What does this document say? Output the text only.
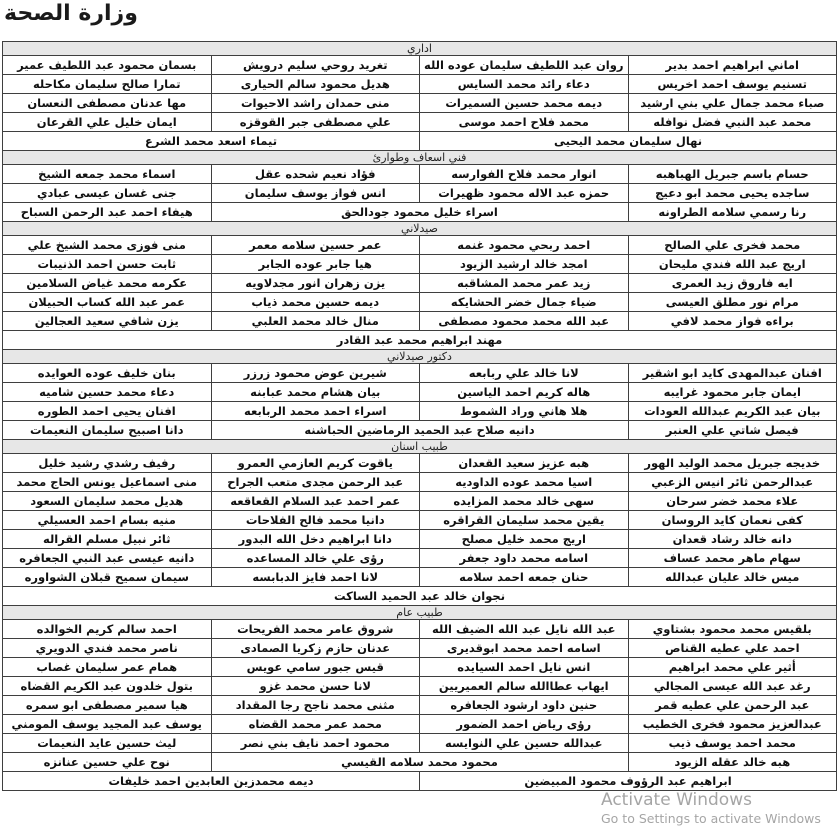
وزارة الصحة
اداري			
اماني ابراهيم احمد بدير	روان عبد اللطيف سليمان عوده الله	تغريد روحي سليم درويش	بسمان محمود عبد اللطيف عمير
تسنيم يوسف احمد اخريس	دعاء رائد محمد السايس	هديل محمود سالم الحيارى	تمارا صالح سليمان مكاحله
صباء محمد جمال علي بني ارشيد	ديمه محمد حسين السميرات	منى حمدان راشد الاحيوات	مها عدنان مصطفى النعسان
محمد عبد النبي فضل نوافله	محمد فلاح احمد موسى	علي مصطفى جبر القوقزه	ايمان خليل علي القرعان
نهال سليمان محمد اليحيى		تيماء اسعد محمد الشرع	
فني اسعاف وطوارئ			
حسام باسم جبريل الهباهبه	انوار محمد فلاح الفوارسه	فؤاد نعيم شحده عقل	اسماء محمد جمعه الشيخ
ساجده يحيى محمد ابو دعيج	حمزه عبد الاله محمود ظهيرات	انس فواز يوسف سليمان	جنى غسان عيسى عبادي
رنا رسمي سلامه الطراونه	اسراء خليل محمود جودالحق		هيفاء احمد عبد الرحمن السباح
صيدلاني			
محمد فخرى علي الصالح	احمد ربحي محمود غنمه	عمر حسين سلامه معمر	منى فوزى محمد الشيخ علي
اريج عبد الله فندي مليحان	امجد خالد ارشيد الزيود	هيا جابر عوده الجابر	ثابت حسن احمد الذنيبات
ايه فاروق زيد العمرى	زيد عمر محمد المشاقبه	يزن زهران انور مجدلاويه	عكرمه محمد غياض السلامين
مرام نور مطلق العيسى	ضياء جمال خضر الحشايكه	ديمه حسين محمد ذياب	عمر عبد الله كساب الحبيلان
براءه فواز محمد لافي	عبد الله محمد محمود مصطفى	منال خالد محمد العلبي	يزن شافي سعيد العجالين
مهند ابراهيم محمد عبد القادر			
دكتور صيدلاني			
افنان عبدالمهدى كايد ابو اشقير	لانا خالد علي ربابعه	شيرين عوض محمود زرزر	بنان خليف عوده العوايده
ايمان جابر محمود غرايبه	هاله كريم احمد الياسين	بيان هشام محمد عبابنه	دعاء محمد حسين شاميه
بيان عبد الكريم عبدالله العودات	هلا هاني وراد الشموط	اسراء احمد محمد الربابعه	افنان يحيى احمد الطوره
فيصل شاتي علي العنبر	دانيه صلاح عبد الحميد الرماضين الحباشنه		دانا اصبيح سليمان النعيمات
طبيب اسنان			
خديجه جبريل محمد الوليد الهور	هبه عزيز سعيد القعدان	ياقوت كريم العازمي العمرو	رفيف رشدي رشيد خليل
عبدالرحمن ثائر انيس الزعبي	اسيا محمد عوده الداوديه	عبد الرحمن مجدى متعب الجراح	منى اسماعيل يونس الحاج محمد
علاء محمد خضر سرحان	سهى خالد محمد المزايده	عمر احمد عبد السلام القعاقعه	هديل محمد سليمان السعود
كفى نعمان كايد الروسان	يقين محمد سليمان القراقره	دانيا محمد فالح الفلاحات	منيه بسام احمد العسيلي
دانه خالد رشاد قعدان	اريج محمد خليل مصلح	دانا ابراهيم دخل الله البدور	ثائر نبيل مسلم القراله
سهام ماهر محمد عساف	اسامه محمد داود جعفر	رؤى علي خالد المساعده	دانيه عيسى عبد النبي الجعافره
ميس خالد عليان عبدالله	حنان جمعه احمد سلامه	لانا احمد فايز الدبابسه	سيمان سميح قبلان الشواوره
نجوان خالد عبد الحميد الساكت			
طبيب عام			
بلقيس محمد محمود بشتاوي	عبد الله نايل عبد الله الضيف الله	شروق عامر محمد الفريحات	احمد سالم كريم الخوالده
احمد علي عطيه القناص	اسامه احمد محمد ابوقديرى	عدنان حازم زكريا الصمادى	ناصر محمد فندي الدويري
أثير علي محمد ابراهيم	انس نايل احمد السيايده	قيس جبور سامي عويس	همام عمر سليمان غصاب
رغد عبد الله عيسى المجالي	ايهاب عطاالله سالم العميريين	لانا حسن محمد غزو	بتول خلدون عبد الكريم القضاه
عبد الرحمن علي عطيه قمر	حنين داود ارشود الجعافره	مثنى محمد ناجح رجا المقداد	هيا سمير مصطفى ابو سمره
عبدالعزيز محمود فخرى الخطيب	رؤى رياض احمد الضمور	محمد عمر محمد القضاه	يوسف عبد المجيد يوسف المومني
محمد احمد يوسف ذيب	عبدالله حسين علي النوايسه	محمود احمد نايف بني نصر	ليث حسين عايد النعيمات
هبه خالد عقله الزيود	محمود محمد سلامه القيسي		نوح علي حسين عنانزه
ابراهيم عبد الرؤوف محمود المبيضين		ديمه محمدزين العابدين احمد خليفات	
Activate Windows
Go to Settings to activate Windows
